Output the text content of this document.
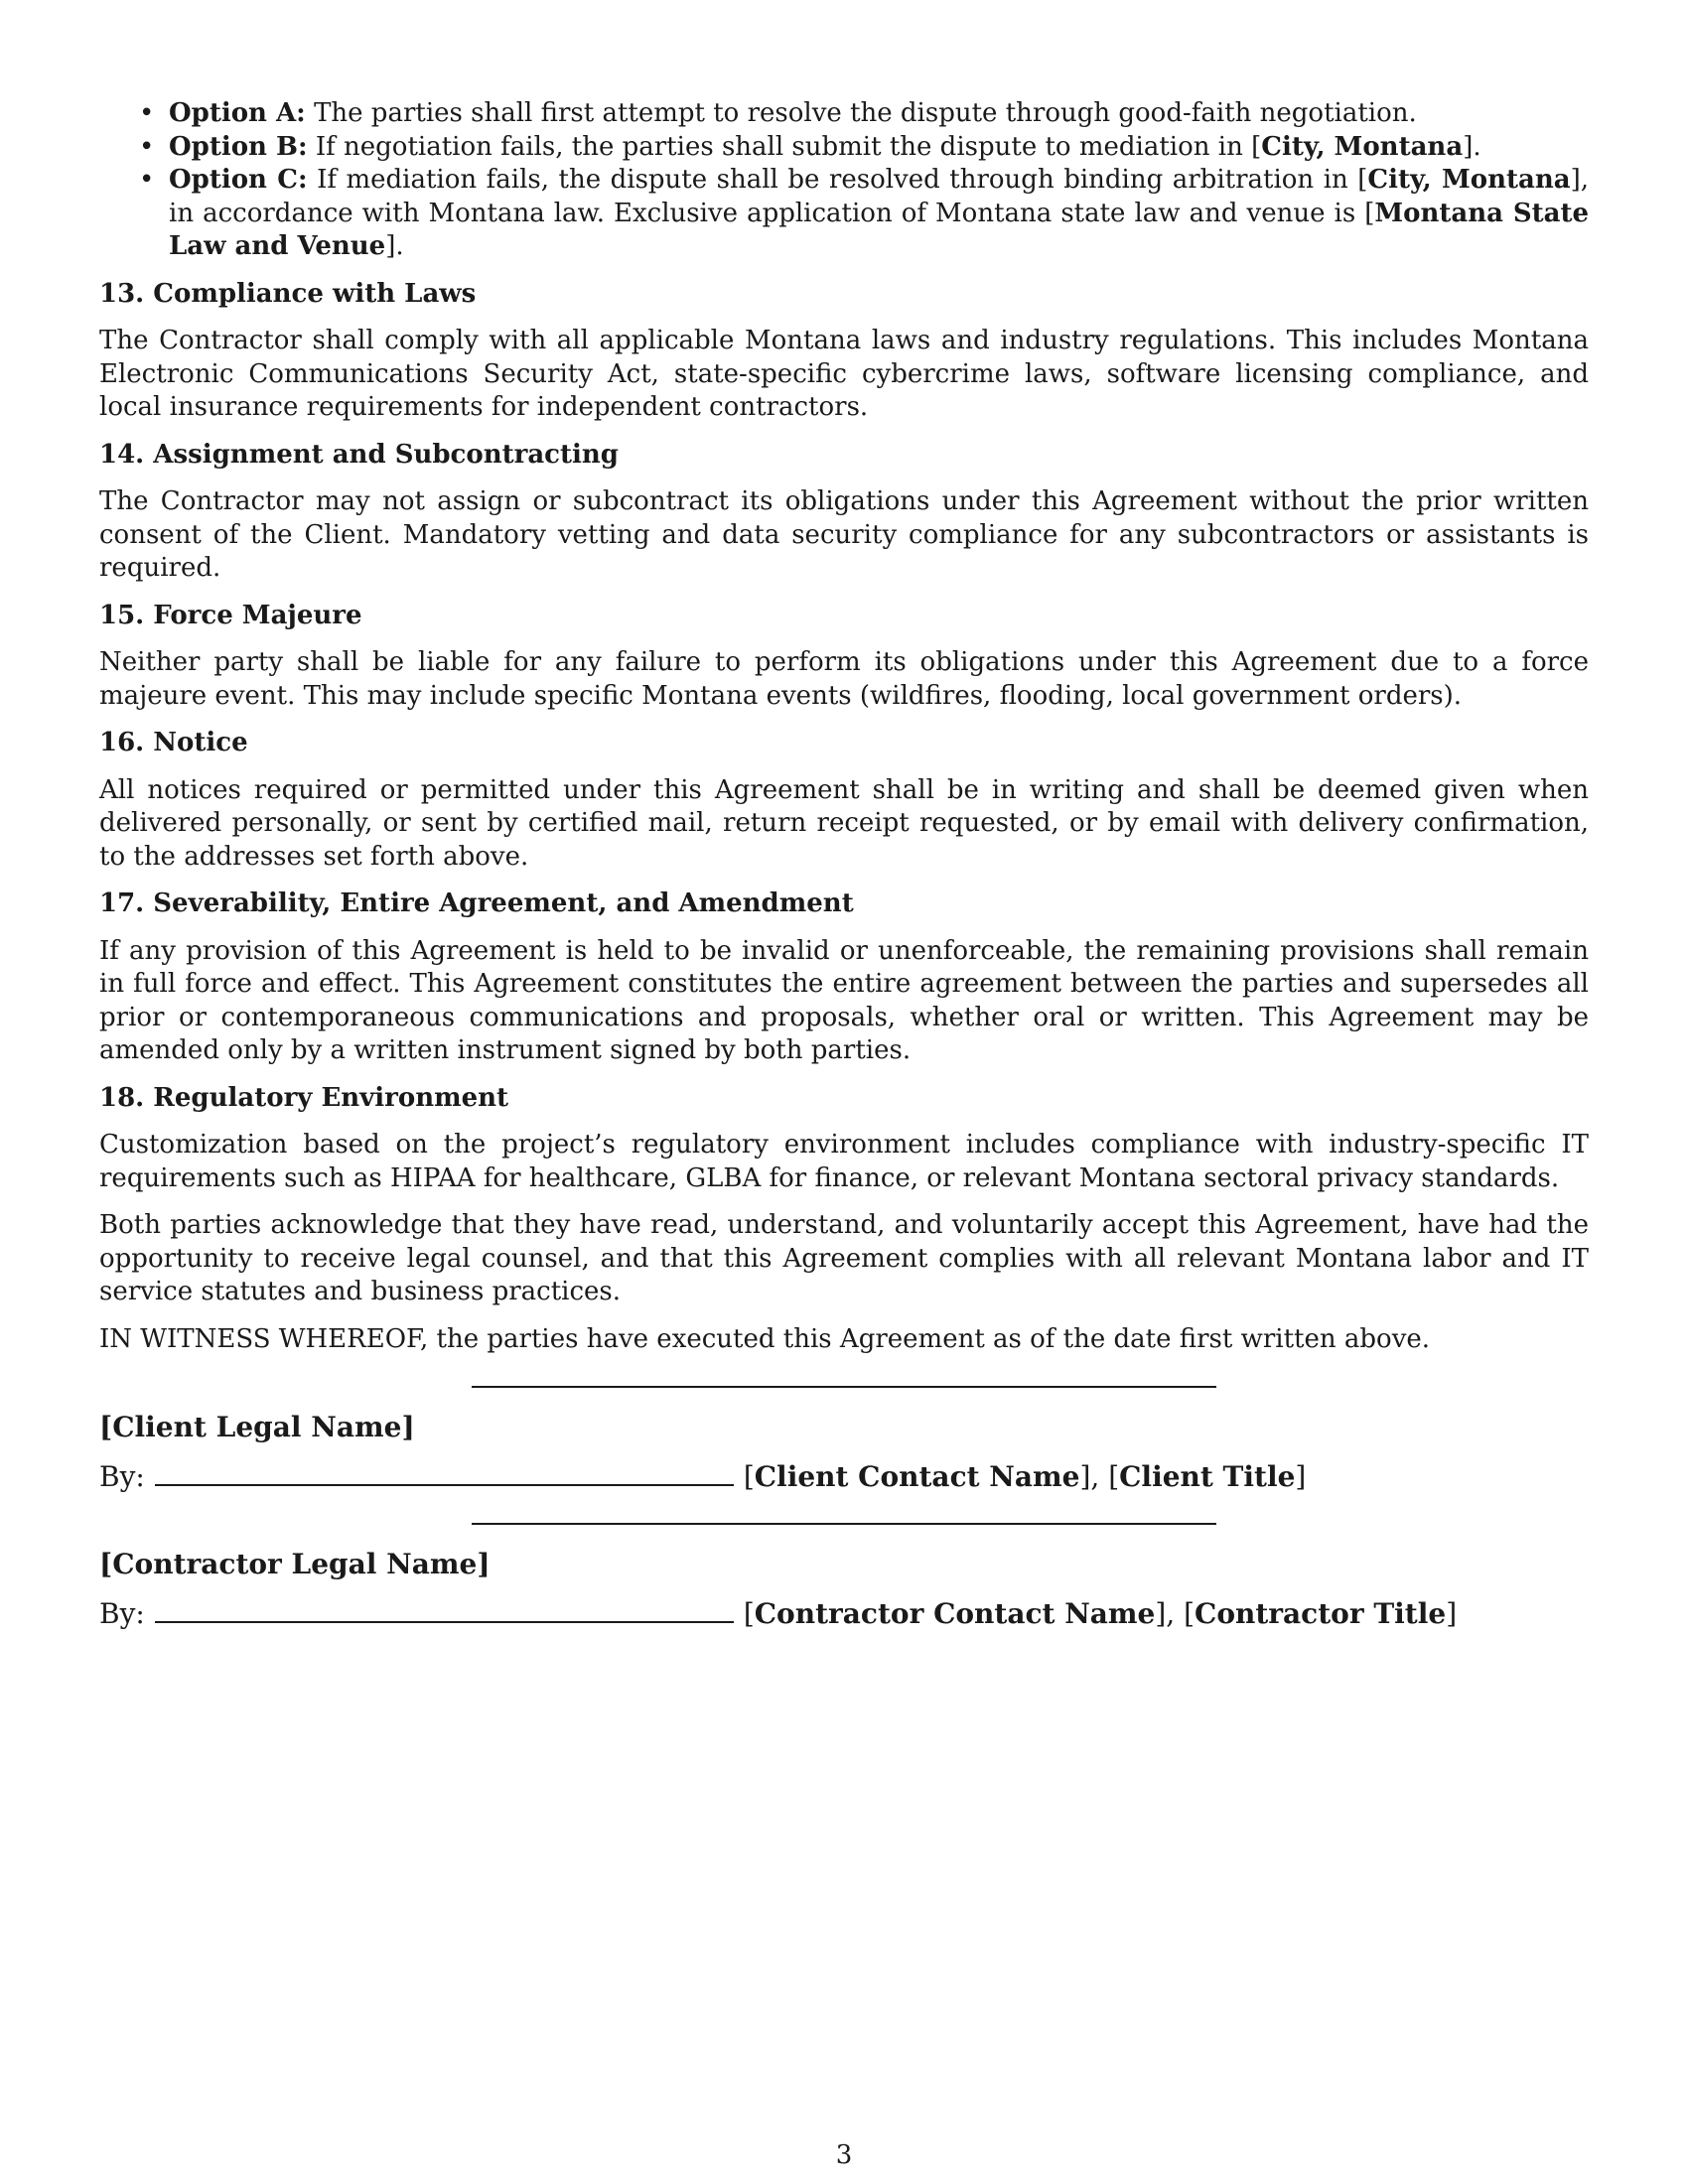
• Option A: The parties shall first attempt to resolve the dispute through good-faith negotiation.
• Option B: If negotiation fails, the parties shall submit the dispute to mediation in [City, Montana].
• Option C: If mediation fails, the dispute shall be resolved through binding arbitration in [City, Montana], in accordance with Montana law. Exclusive application of Montana state law and venue is [Montana State Law and Venue].
13. Compliance with Laws

The Contractor shall comply with all applicable Montana laws and industry regulations. This includes Montana Electronic Communications Security Act, state-specific cybercrime laws, software licensing compliance, and local insurance requirements for independent contractors.

14. Assignment and Subcontracting

The Contractor may not assign or subcontract its obligations under this Agreement without the prior written consent of the Client. Mandatory vetting and data security compliance for any subcontractors or assistants is required.

15. Force Majeure

Neither party shall be liable for any failure to perform its obligations under this Agreement due to a force majeure event. This may include specific Montana events (wildfires, flooding, local government orders).

16. Notice

All notices required or permitted under this Agreement shall be in writing and shall be deemed given when delivered personally, or sent by certified mail, return receipt requested, or by email with delivery confirmation, to the addresses set forth above.

17. Severability, Entire Agreement, and Amendment

If any provision of this Agreement is held to be invalid or unenforceable, the remaining provisions shall remain in full force and effect. This Agreement constitutes the entire agreement between the parties and supersedes all prior or contemporaneous communications and proposals, whether oral or written. This Agreement may be amended only by a written instrument signed by both parties.

18. Regulatory Environment

Customization based on the project’s regulatory environment includes compliance with industry-specific IT requirements such as HIPAA for healthcare, GLBA for finance, or relevant Montana sectoral privacy standards.

Both parties acknowledge that they have read, understand, and voluntarily accept this Agreement, have had the opportunity to receive legal counsel, and that this Agreement complies with all relevant Montana labor and IT service statutes and business practices.

IN WITNESS WHEREOF, the parties have executed this Agreement as of the date first written above.

[Client Legal Name]
By:	[Client Contact Name], [Client Title]
[Contractor Legal Name]
By:	[Contractor Contact Name], [Contractor Title]
3
